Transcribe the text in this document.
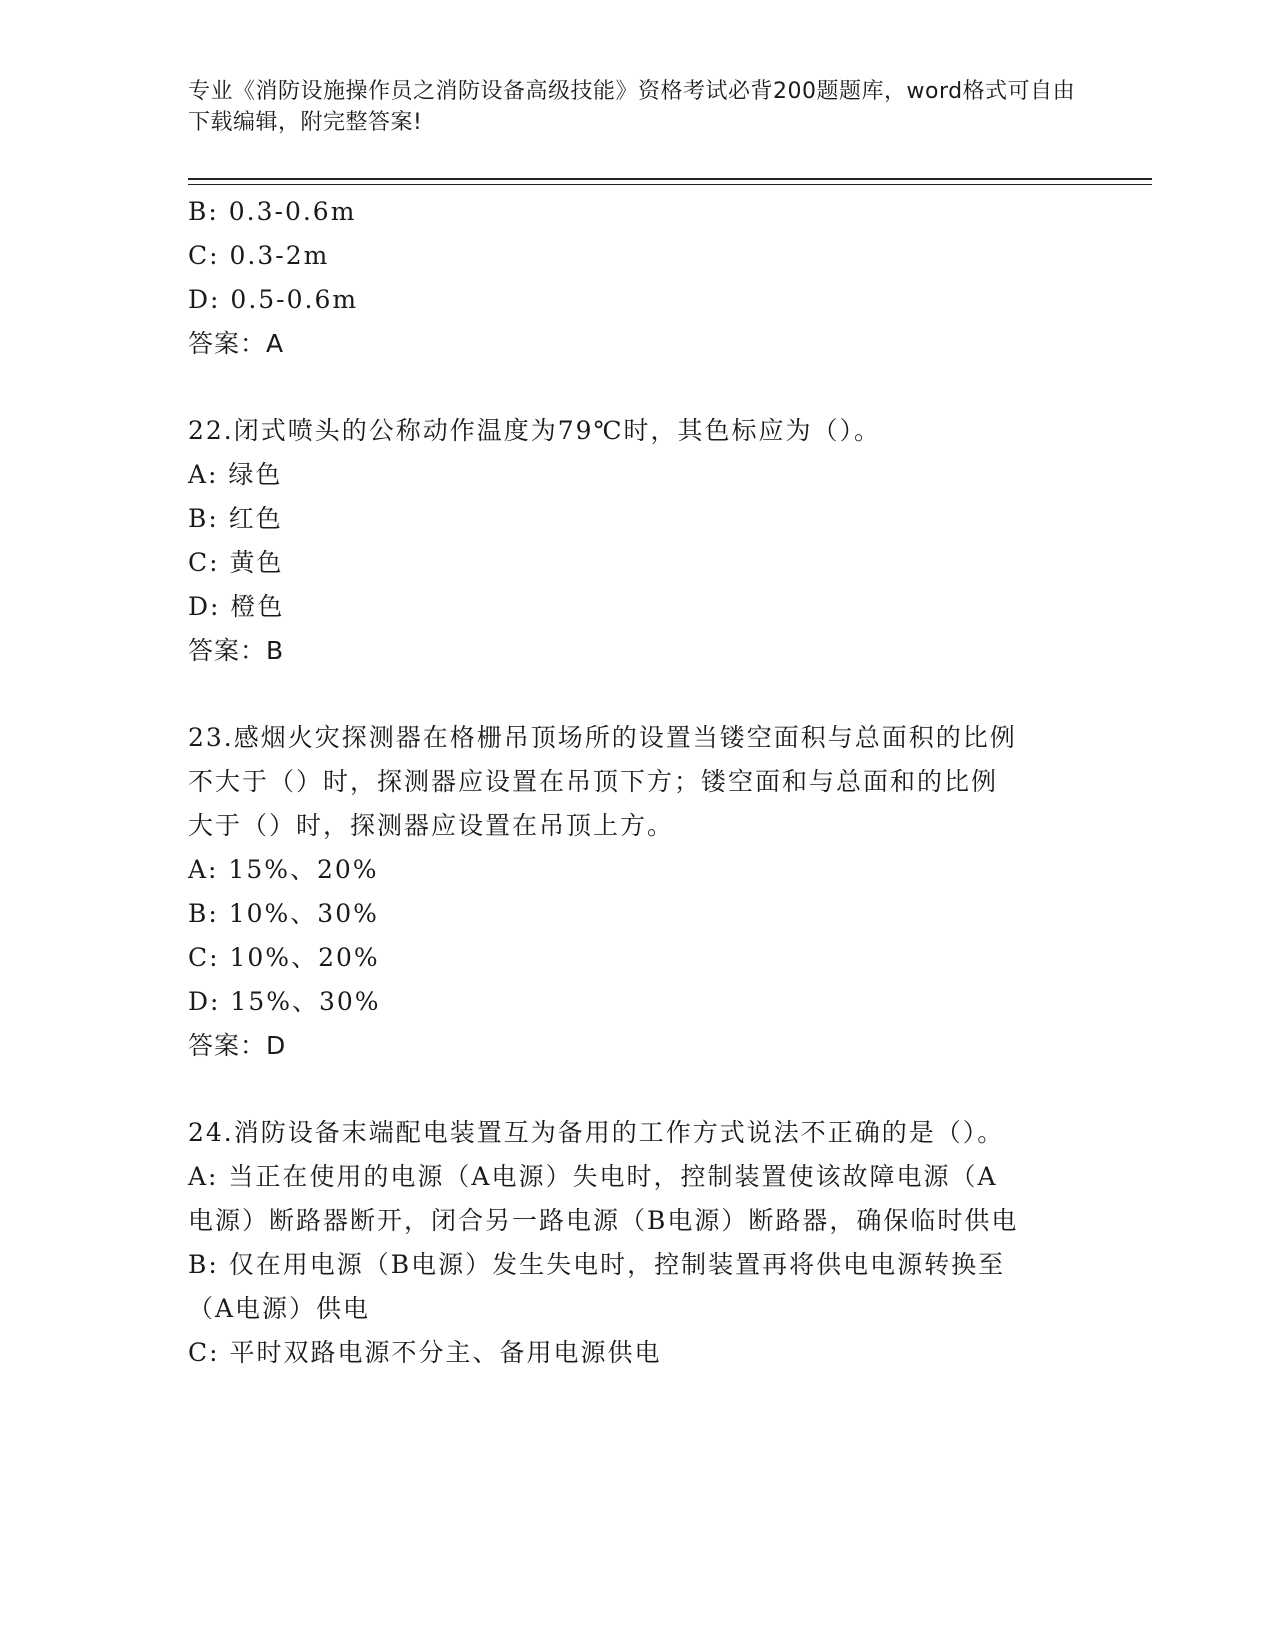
专业《消防设施操作员之消防设备高级技能》资格考试必背200题题库，word格式可自由下载编辑，附完整答案!
B: 0.3-0.6m
C: 0.3-2m
D: 0.5-0.6m
答案：A
22.闭式喷头的公称动作温度为79℃时，其色标应为（）。
A: 绿色
B: 红色
C: 黄色
D: 橙色
答案：B
23.感烟火灾探测器在格栅吊顶场所的设置当镂空面积与总面积的比例
不大于（）时，探测器应设置在吊顶下方；镂空面和与总面和的比例
大于（）时，探测器应设置在吊顶上方。
A: 15%、20%
B: 10%、30%
C: 10%、20%
D: 15%、30%
答案：D
24.消防设备末端配电装置互为备用的工作方式说法不正确的是（）。
A: 当正在使用的电源（A电源）失电时，控制装置使该故障电源（A
电源）断路器断开，闭合另一路电源（B电源）断路器，确保临时供电
B: 仅在用电源（B电源）发生失电时，控制装置再将供电电源转换至
（A电源）供电
C: 平时双路电源不分主、备用电源供电
